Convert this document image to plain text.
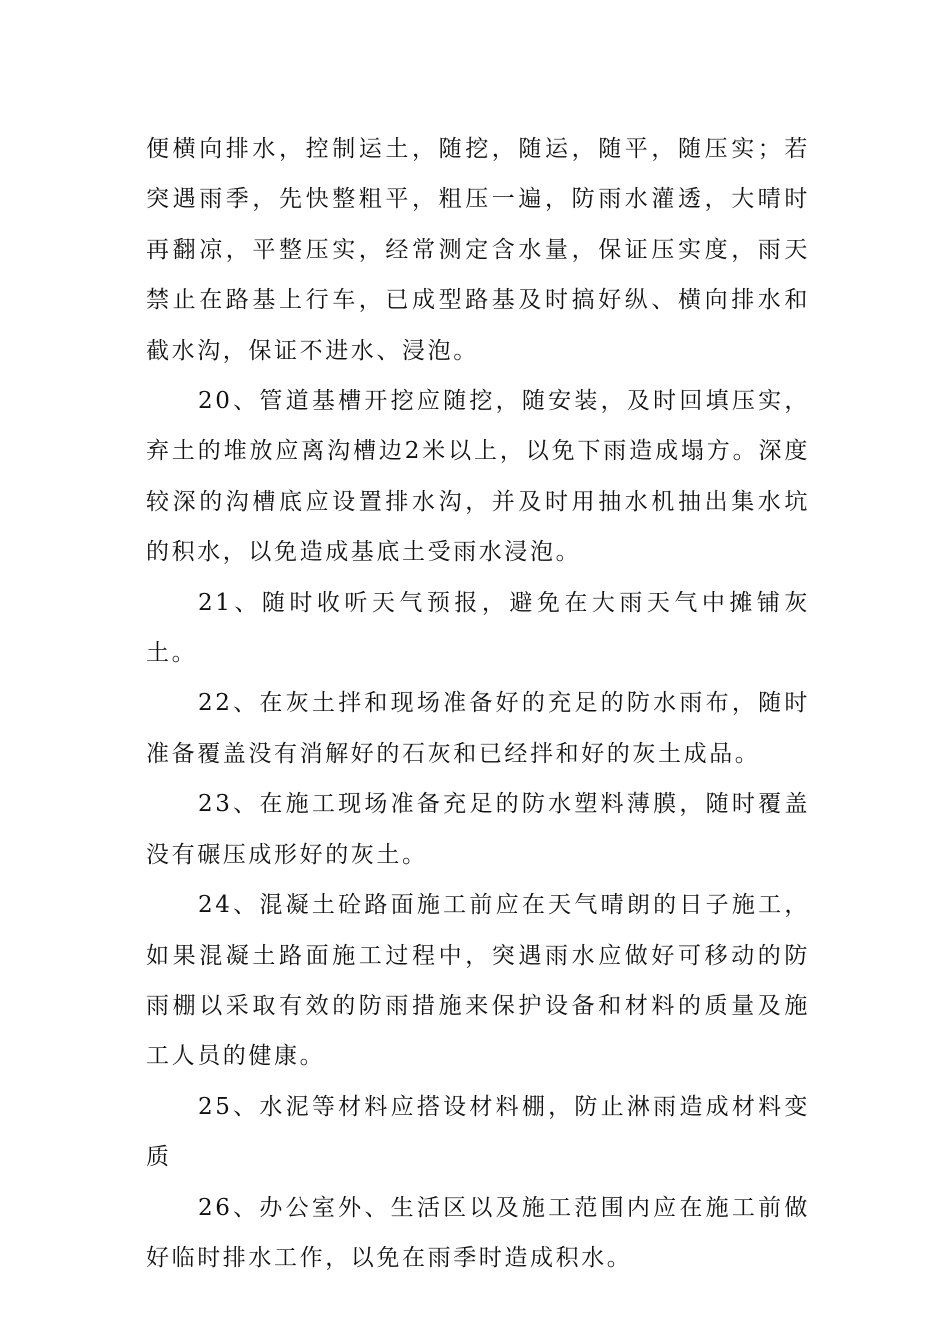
便横向排水，控制运土，随挖，随运，随平，随压实；若突遇雨季，先快整粗平，粗压一遍，防雨水灌透，大晴时再翻凉，平整压实，经常测定含水量，保证压实度，雨天禁止在路基上行车，已成型路基及时搞好纵、横向排水和截水沟，保证不进水、浸泡。

20、管道基槽开挖应随挖，随安装，及时回填压实，弃土的堆放应离沟槽边2米以上，以免下雨造成塌方。深度较深的沟槽底应设置排水沟，并及时用抽水机抽出集水坑的积水，以免造成基底土受雨水浸泡。

21、随时收听天气预报，避免在大雨天气中摊铺灰土。

22、在灰土拌和现场准备好的充足的防水雨布，随时准备覆盖没有消解好的石灰和已经拌和好的灰土成品。

23、在施工现场准备充足的防水塑料薄膜，随时覆盖没有碾压成形好的灰土。

24、混凝土砼路面施工前应在天气晴朗的日子施工，如果混凝土路面施工过程中，突遇雨水应做好可移动的防雨棚以采取有效的防雨措施来保护设备和材料的质量及施工人员的健康。

25、水泥等材料应搭设材料棚，防止淋雨造成材料变质

26、办公室外、生活区以及施工范围内应在施工前做好临时排水工作，以免在雨季时造成积水。
